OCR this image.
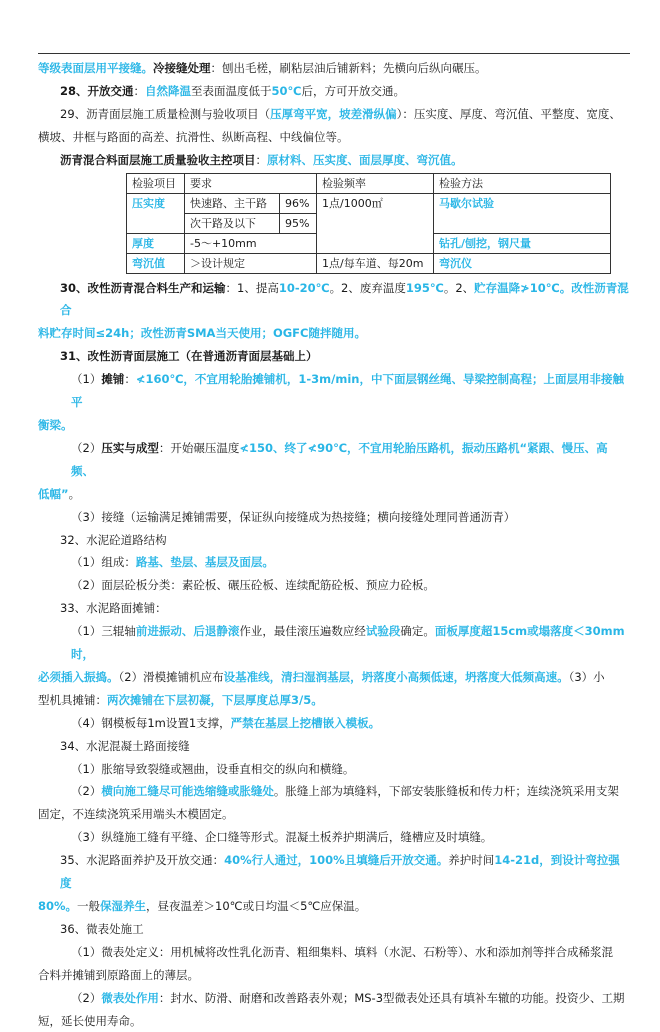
等级表面层用平接缝。冷接缝处理：刨出毛槎，刷粘层油后铺新料；先横向后纵向碾压。

28、开放交通：自然降温至表面温度低于50℃后，方可开放交通。

29、沥青面层施工质量检测与验收项目（压厚弯平宽，坡差滑纵偏）：压实度、厚度、弯沉值、平整度、宽度、

横坡、井框与路面的高差、抗滑性、纵断高程、中线偏位等。

沥青混合料面层施工质量验收主控项目：原材料、压实度、面层厚度、弯沉值。

检验项目	要求		检验频率	检验方法
压实度	快速路、主干路	96%	1点/1000㎡	马歇尔试验
	次干路及以下	95%		
厚度	-5～+10mm			钻孔/刨挖，钢尺量
弯沉值	＞设计规定		1点/每车道、每20m	弯沉仪

30、改性沥青混合料生产和运输：1、提高10-20℃。2、废弃温度195℃。2、贮存温降≯10℃。改性沥青混合

料贮存时间≤24h；改性沥青SMA当天使用；OGFC随拌随用。

31、改性沥青面层施工（在普通沥青面层基础上）

（1）摊铺：≮160℃，不宜用轮胎摊铺机，1-3m/min，中下面层钢丝绳、导梁控制高程；上面层用非接触平

衡梁。

（2）压实与成型：开始碾压温度≮150、终了≮90℃，不宜用轮胎压路机，振动压路机“紧跟、慢压、高频、

低幅”。

（3）接缝（运输满足摊铺需要，保证纵向接缝成为热接缝；横向接缝处理同普通沥青）

32、水泥砼道路结构

（1）组成：路基、垫层、基层及面层。

（2）面层砼板分类：素砼板、碾压砼板、连续配筋砼板、预应力砼板。

33、水泥路面摊铺：

（1）三辊轴前进振动、后退静滚作业，最佳滚压遍数应经试验段确定。面板厚度超15cm或塌落度＜30mm时，

必须插入振捣。（2）滑模摊铺机应布设基准线，清扫湿润基层，坍落度小高频低速，坍落度大低频高速。（3）小

型机具摊铺：两次摊铺在下层初凝，下层厚度总厚3/5。

（4）钢模板每1m设置1支撑，严禁在基层上挖槽嵌入模板。

34、水泥混凝土路面接缝

（1）胀缩导致裂缝或翘曲，设垂直相交的纵向和横缝。

（2）横向施工缝尽可能选缩缝或胀缝处。胀缝上部为填缝料，下部安装胀缝板和传力杆；连续浇筑采用支架

固定，不连续浇筑采用端头木模固定。

（3）纵缝施工缝有平缝、企口缝等形式。混凝土板养护期满后，缝槽应及时填缝。

35、水泥路面养护及开放交通：40%行人通过，100%且填缝后开放交通。养护时间14-21d，到设计弯拉强度

80%。一般保湿养生，昼夜温差＞10℃或日均温＜5℃应保温。

36、微表处施工

（1）微表处定义：用机械将改性乳化沥青、粗细集料、填料（水泥、石粉等）、水和添加剂等拌合成稀浆混

合料并摊铺到原路面上的薄层。

（2）微表处作用：封水、防滑、耐磨和改善路表外观；MS-3型微表处还具有填补车辙的功能。投资少、工期

短，延长使用寿命。
